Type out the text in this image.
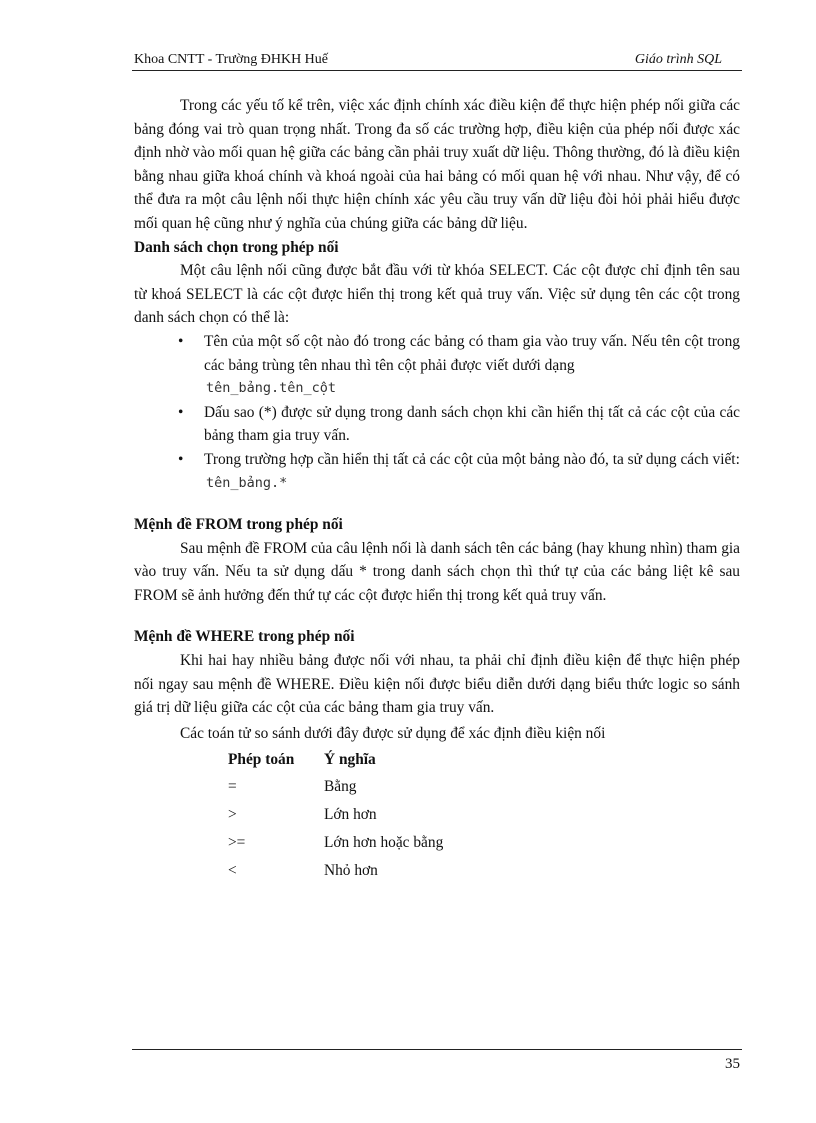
Khoa CNTT - Trường ĐHKH Huế	Giáo trình SQL

Trong các yếu tố kể trên, việc xác định chính xác điều kiện để thực hiện phép nối giữa các bảng đóng vai trò quan trọng nhất. Trong đa số các trường hợp, điều kiện của phép nối được xác định nhờ vào mối quan hệ giữa các bảng cần phải truy xuất dữ liệu. Thông thường, đó là điều kiện bằng nhau giữa khoá chính và khoá ngoài của hai bảng có mối quan hệ với nhau. Như vậy, để có thể đưa ra một câu lệnh nối thực hiện chính xác yêu cầu truy vấn dữ liệu đòi hỏi phải hiểu được mối quan hệ cũng như ý nghĩa của chúng giữa các bảng dữ liệu.

Danh sách chọn trong phép nối

Một câu lệnh nối cũng được bắt đầu với từ khóa SELECT. Các cột được chỉ định tên sau từ khoá SELECT là các cột được hiển thị trong kết quả truy vấn. Việc sử dụng tên các cột trong danh sách chọn có thể là:

• Tên của một số cột nào đó trong các bảng có tham gia vào truy vấn. Nếu tên cột trong các bảng trùng tên nhau thì tên cột phải được viết dưới dạng
tên_bảng.tên_cột
• Dấu sao (*) được sử dụng trong danh sách chọn khi cần hiển thị tất cả các cột của các bảng tham gia truy vấn.
• Trong trường hợp cần hiển thị tất cả các cột của một bảng nào đó, ta sử dụng cách viết:
tên_bảng.*
Mệnh đề FROM trong phép nối

Sau mệnh đề FROM của câu lệnh nối là danh sách tên các bảng (hay khung nhìn) tham gia vào truy vấn. Nếu ta sử dụng dấu * trong danh sách chọn thì thứ tự của các bảng liệt kê sau FROM sẽ ảnh hưởng đến thứ tự các cột được hiển thị trong kết quả truy vấn.

Mệnh đề WHERE trong phép nối

Khi hai hay nhiều bảng được nối với nhau, ta phải chỉ định điều kiện để thực hiện phép nối ngay sau mệnh đề WHERE. Điều kiện nối được biểu diễn dưới dạng biểu thức logic so sánh giá trị dữ liệu giữa các cột của các bảng tham gia truy vấn.

Các toán tử so sánh dưới đây được sử dụng để xác định điều kiện nối

Phép toán	Ý nghĩa
=	Bằng
>	Lớn hơn
>=	Lớn hơn hoặc bằng
<	Nhỏ hơn
35
